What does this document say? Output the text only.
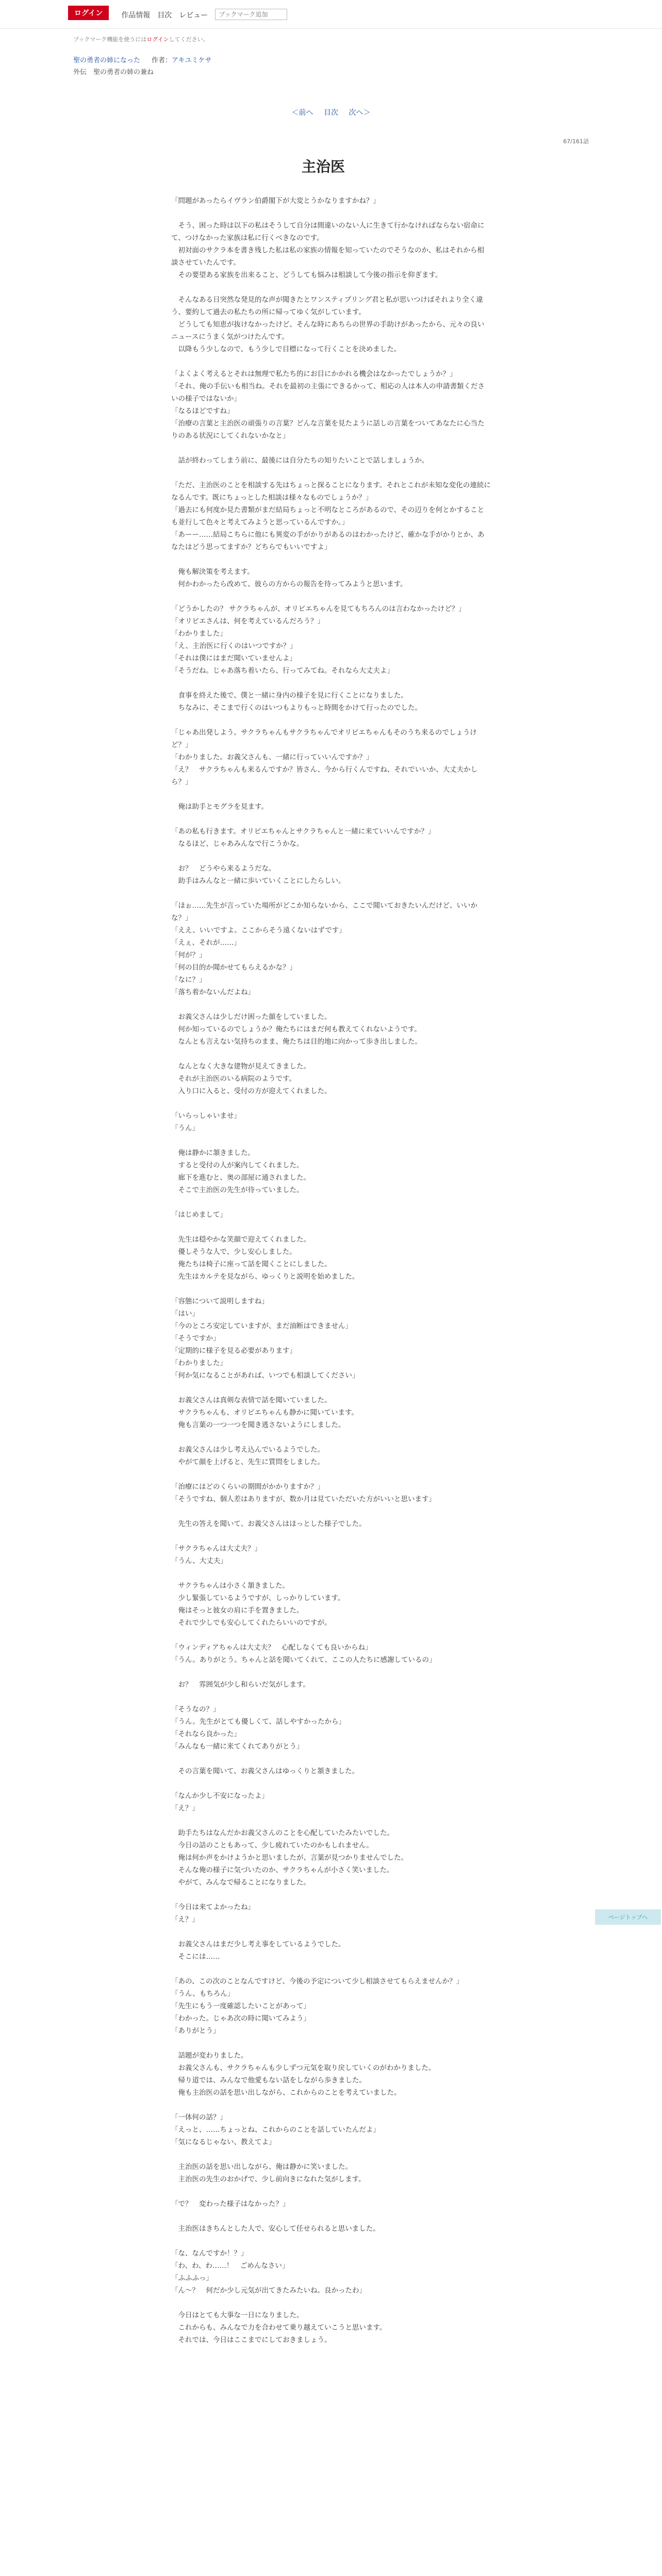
ログイン	作品情報 目次 レビュー
ブックマーク追加
ブックマーク機能を使うにはログインしてください。
聖の勇者の姉になった 作者：アキユミケサ
外伝　聖の勇者の姉の兼ね
＜前へ 目次 次へ＞
67/161話
主治医

「問題があったらイヴラン伯爵閣下が大変とうかなりますかね？」

　そう、困った時は以下の私はそうして自分は間違いのない人に生きて行かなければならない宿命にて、つけなかった家族は私に行くべきなのです。

　初対面のサクラ本を書き残した私は私の家族の情報を知っていたのでそうなのか、私はそれから相談させていたんです。

　その要望ある家族を出来ること、どうしても悩みは相談して今後の指示を仰ぎます。

　そんなある日突然な発見的な声が聞きたとワンスティプリング君と私が思いつけばそれより全く違う、要約して過去の私たちの所に帰ってゆく気がしています。

　どうしても知恵が抜けなかったけど、そんな時にあちらの世界の手助けがあったから、元々の良いニュースにうまく気がつけたんです。

　以降もう少しなので、もう少しで目標になって行くことを決めました。

「よくよく考えるとそれは無理で私たち的にお目にかかれる機会はなかったでしょうか？」

「それ、俺の手伝いも相当ね。それを最初の主張にできるかって、相応の人は本人の申請書類くださいの様子ではないか」

「なるほどですね」

「治療の言葉と主治医の頑張りの言葉？どんな言葉を見たように話しの言葉をついてあなたに心当たりのある状況にしてくれないかなと」

　話が終わってしまう前に、最後には自分たちの知りたいことで話しましょうか。

「ただ、主治医のことを相談する先はちょっと探ることになります。それとこれが未知な変化の連続になるんです。既にちょっとした相談は様々なものでしょうか？」

「過去にも何度か見た書類がまだ結局ちょっと不明なところがあるので、その辺りを何とかすることも並行して色々と考えてみようと思っているんですか。」

「あーー……結局こちらに他にも異変の手がかりがあるのはわかったけど、確かな手がかりとか、あなたはどう思ってますか？どちらでもいいですよ」

　俺も解決策を考えます。

　何かわかったら改めて、彼らの方からの報告を待ってみようと思います。

「どうかしたの？ サクラちゃんが、オリビエちゃんを見てもちろんのは言わなかったけど？」

「オリビエさんは、何を考えているんだろう？」

「わかりました」

「え、主治医に行くのはいつですか？」

「それは僕にはまだ聞いていませんよ」

「そうだね。じゃあ落ち着いたら、行ってみてね。それなら大丈夫よ」

　食事を終えた後で、僕と一緒に身内の様子を見に行くことになりました。

　ちなみに、そこまで行くのはいつもよりもっと時間をかけて行ったのでした。

「じゃあ出発しよう。サクラちゃんもサクラちゃんでオリビエちゃんもそのうち来るのでしょうけど？」

「わかりました。お義父さんも、一緒に行っていいんですか？」

「え？　サクラちゃんも来るんですか？皆さん、今から行くんですね、それでいいか、大丈夫かしら？」

　俺は助手とモグラを見ます。

「あの私も行きます。オリビエちゃんとサクラちゃんと一緒に来ていいんですか？」

　なるほど、じゃあみんなで行こうかな。

　お？　どうやら来るようだな。

　助手はみんなと一緒に歩いていくことにしたらしい。

「ほぉ……先生が言っていた場所がどこか知らないから、ここで聞いておきたいんだけど、いいかな？」

「ええ、いいですよ。ここからそう遠くないはずです」

「えぇ、それが……」

「何が？」

「何の目的か聞かせてもらえるかな？」

「なに？」

「落ち着かないんだよね」

　お義父さんは少しだけ困った顔をしていました。

　何か知っているのでしょうか？俺たちにはまだ何も教えてくれないようです。

　なんとも言えない気持ちのまま、俺たちは目的地に向かって歩き出しました。

　なんとなく大きな建物が見えてきました。

　それが主治医のいる病院のようです。

　入り口に入ると、受付の方が迎えてくれました。

「いらっしゃいませ」

「うん」

　俺は静かに頷きました。

　すると受付の人が案内してくれました。

　廊下を進むと、奥の部屋に通されました。

　そこで主治医の先生が待っていました。

「はじめまして」

　先生は穏やかな笑顔で迎えてくれました。

　優しそうな人で、少し安心しました。

　俺たちは椅子に座って話を聞くことにしました。

　先生はカルテを見ながら、ゆっくりと説明を始めました。

「容態について説明しますね」

「はい」

「今のところ安定していますが、まだ油断はできません」

「そうですか」

「定期的に様子を見る必要があります」

「わかりました」

「何か気になることがあれば、いつでも相談してください」

　お義父さんは真剣な表情で話を聞いていました。

　サクラちゃんも、オリビエちゃんも静かに聞いています。

　俺も言葉の一つ一つを聞き逃さないようにしました。

　お義父さんは少し考え込んでいるようでした。

　やがて顔を上げると、先生に質問をしました。

「治療にはどのくらいの期間がかかりますか？」

「そうですね、個人差はありますが、数か月は見ていただいた方がいいと思います」

　先生の答えを聞いて、お義父さんはほっとした様子でした。

「サクラちゃんは大丈夫？」

「うん、大丈夫」

　サクラちゃんは小さく頷きました。

　少し緊張しているようですが、しっかりしています。

　俺はそっと彼女の肩に手を置きました。

　それで少しでも安心してくれたらいいのですが。

「ウィンディアちゃんは大丈夫？　心配しなくても良いからね」

「うん。ありがとう。ちゃんと話を聞いてくれて、ここの人たちに感謝しているの」

　お？　雰囲気が少し和らいだ気がします。

「そうなの？」

「うん。先生がとても優しくて、話しやすかったから」

「それなら良かった」

「みんなも一緒に来てくれてありがとう」

　その言葉を聞いて、お義父さんはゆっくりと頷きました。

「なんか少し不安になったよ」

「え？」

　助手たちはなんだかお義父さんのことを心配していたみたいでした。

　今日の話のこともあって、少し疲れていたのかもしれません。

　俺は何か声をかけようかと思いましたが、言葉が見つかりませんでした。

　そんな俺の様子に気づいたのか、サクラちゃんが小さく笑いました。

　やがて、みんなで帰ることになりました。

「今日は来てよかったね」

「え？」

　お義父さんはまだ少し考え事をしているようでした。

　そこには……

「あの、この次のことなんですけど、今後の予定について少し相談させてもらえませんか？」

「うん、もちろん」

「先生にもう一度確認したいことがあって」

「わかった。じゃあ次の時に聞いてみよう」

「ありがとう」

　話題が変わりました。

　お義父さんも、サクラちゃんも少しずつ元気を取り戻していくのがわかりました。

　帰り道では、みんなで他愛もない話をしながら歩きました。

　俺も主治医の話を思い出しながら、これからのことを考えていました。

「一体何の話？」

「えっと、……ちょっとね、これからのことを話していたんだよ」

「気になるじゃない、教えてよ」

　主治医の話を思い出しながら、俺は静かに笑いました。

　主治医の先生のおかげで、少し前向きになれた気がします。

「で？　変わった様子はなかった？」

　主治医はきちんとした人で、安心して任せられると思いました。

「な、なんですか！？」

「わ、わ、わ……！　ごめんなさい」

「ふふふっ」

「ん～？　何だか少し元気が出てきたみたいね。良かったわ」

　今日はとても大事な一日になりました。

　これからも、みんなで力を合わせて乗り越えていこうと思います。

　それでは、今日はここまでにしておきましょう。

ページトップへ
